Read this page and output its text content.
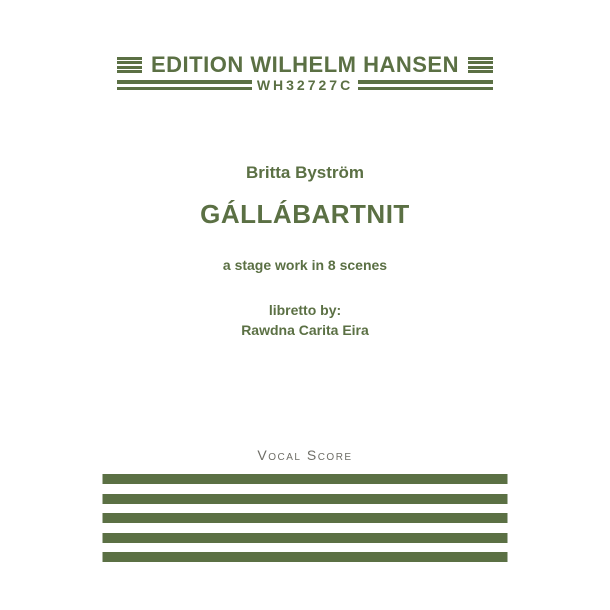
EDITION WILHELM HANSEN
WH32727C
Britta Byström
GÁLLÁBARTNIT
a stage work in 8 scenes
libretto by:
Rawdna Carita Eira
Vocal Score
